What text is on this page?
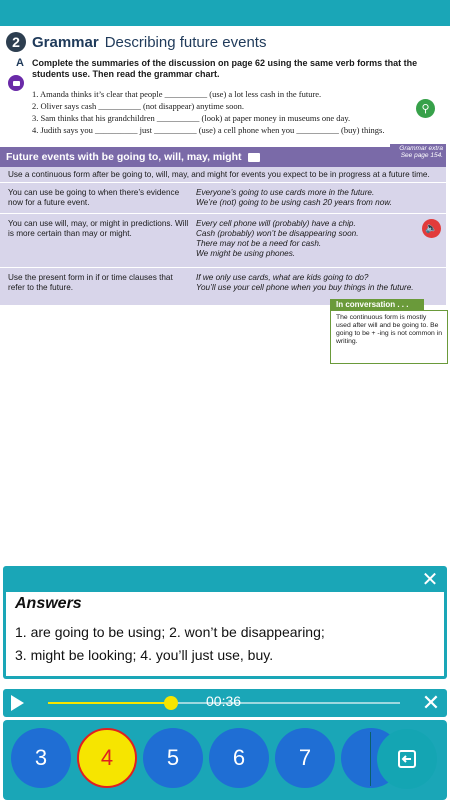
2 Grammar Describing future events
A Complete the summaries of the discussion on page 62 using the same verb forms that the students use. Then read the grammar chart.
1. Amanda thinks it’s clear that people __________ (use) a lot less cash in the future.
2. Oliver says cash __________ (not disappear) anytime soon.
3. Sam thinks that his grandchildren __________ (look) at paper money in museums one day.
4. Judith says you __________ just __________ (use) a cell phone when you __________ (buy) things.
⚲
Future events with be going to, will, may, might
Grammar extra
See page 154.
Use a continuous form after be going to, will, may, and might for events you expect to be in progress at a future time.
You can use be going to when there’s evidence now for a future event.
Everyone’s going to use cards more in the future.
We’re (not) going to be using cash 20 years from now.
You can use will, may, or might in predictions. Will is more certain than may or might.
Every cell phone will (probably) have a chip.
Cash (probably) won’t be disappearing soon.
There may not be a need for cash.
We might be using phones.
Use the present form in if or time clauses that refer to the future.
If we only use cards, what are kids going to do?
You’ll use your cell phone when you buy things in the future.
🔈
In conversation . . .
The continuous form is mostly used after will and be going to. Be going to be + -ing is not common in writing.
✕
Answers
1. are going to be using; 2. won’t be disappearing;
3. might be looking; 4. you’ll just use, buy.
00:36	✕
3	4	5	6	7
